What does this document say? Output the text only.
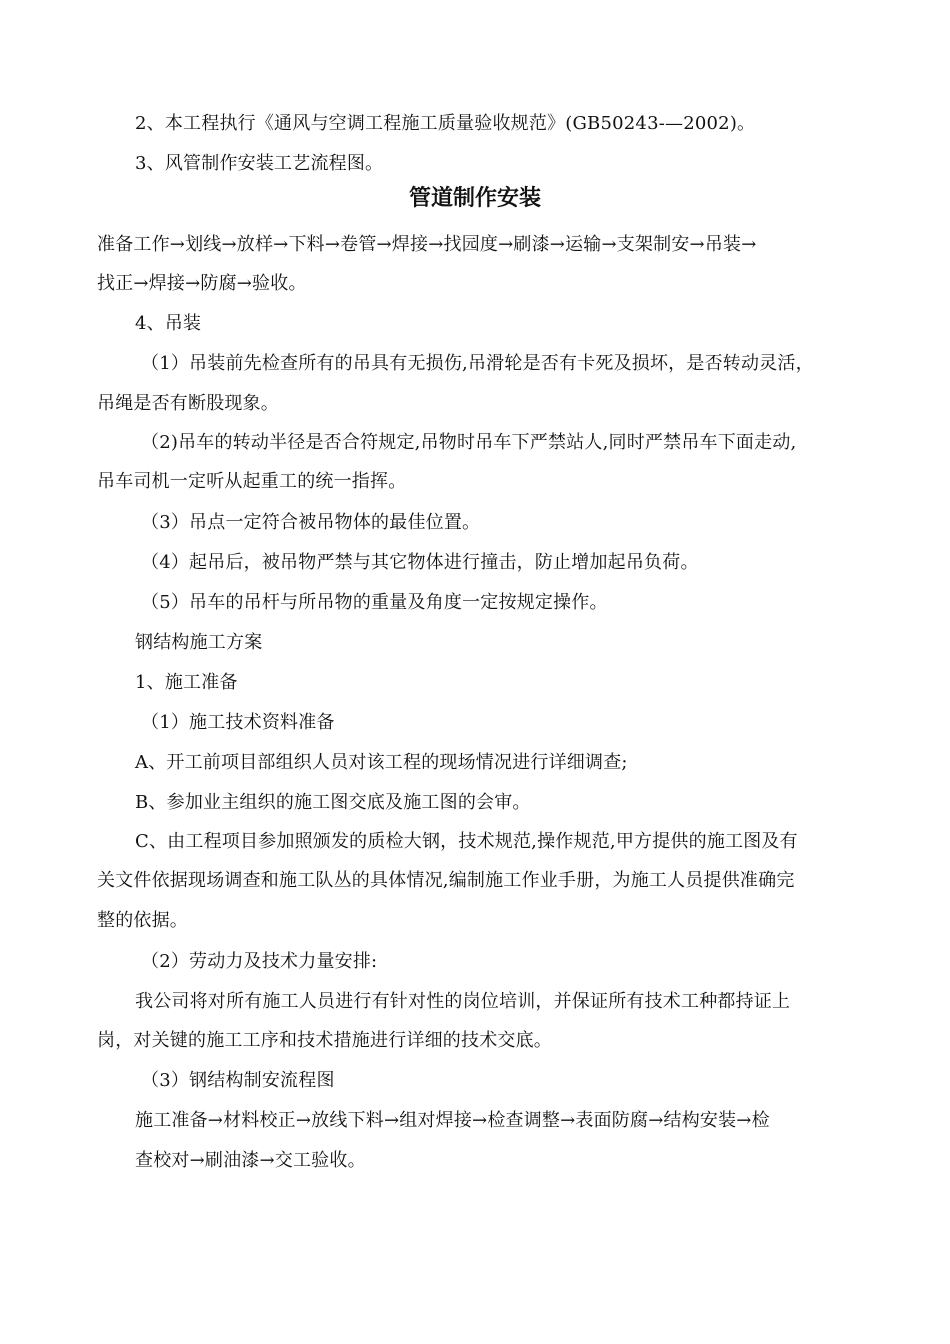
2、本工程执行《通风与空调工程施工质量验收规范》(GB50243-—2002)。
3、风管制作安装工艺流程图。
管道制作安装
准备工作→划线→放样→下料→卷管→焊接→找园度→刷漆→运输→支架制安→吊装→
找正→焊接→防腐→验收。
4、吊装
（1）吊装前先检查所有的吊具有无损伤,吊滑轮是否有卡死及损坏，是否转动灵活，
吊绳是否有断股现象。
（2)吊车的转动半径是否合符规定,吊物时吊车下严禁站人,同时严禁吊车下面走动,
吊车司机一定听从起重工的统一指挥。
（3）吊点一定符合被吊物体的最佳位置。
（4）起吊后，被吊物严禁与其它物体进行撞击，防止增加起吊负荷。
（5）吊车的吊杆与所吊物的重量及角度一定按规定操作。
钢结构施工方案
1、施工准备
（1）施工技术资料准备
A、开工前项目部组织人员对该工程的现场情况进行详细调查;
B、参加业主组织的施工图交底及施工图的会审。
C、由工程项目参加照颁发的质检大钢，技术规范,操作规范,甲方提供的施工图及有
关文件依据现场调查和施工队丛的具体情况,编制施工作业手册，为施工人员提供准确完
整的依据。
（2）劳动力及技术力量安排:
我公司将对所有施工人员进行有针对性的岗位培训，并保证所有技术工种都持证上
岗，对关键的施工工序和技术措施进行详细的技术交底。
（3）钢结构制安流程图
施工准备→材料校正→放线下料→组对焊接→检查调整→表面防腐→结构安装→检
查校对→刷油漆→交工验收。
